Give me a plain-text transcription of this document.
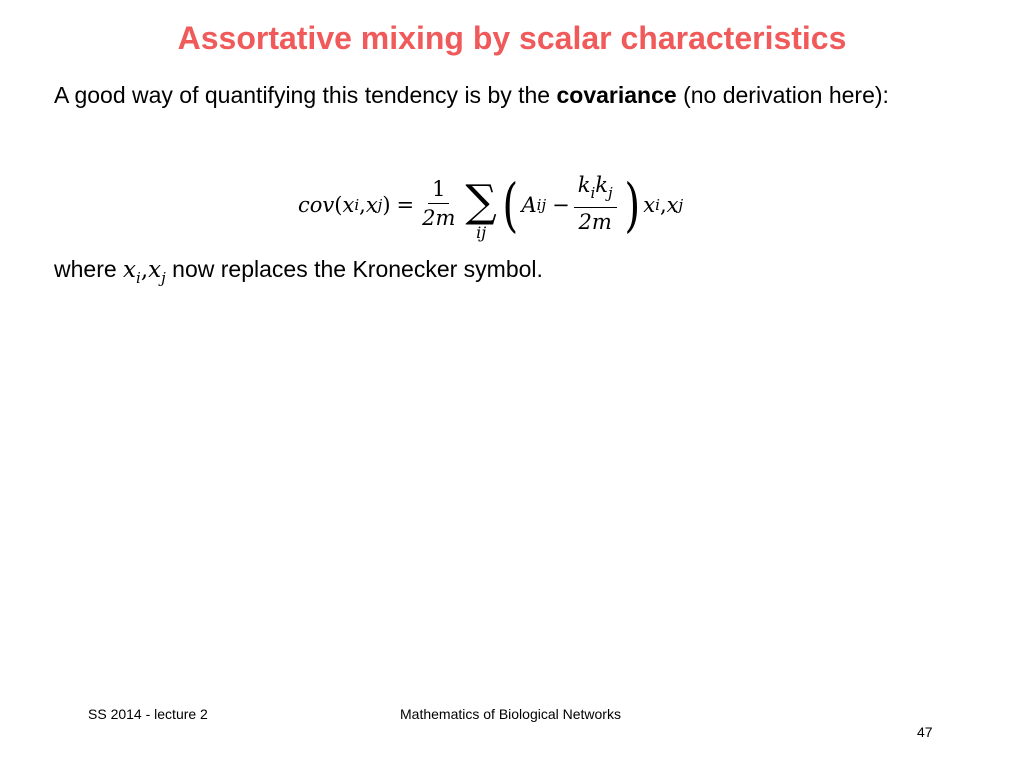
Assortative mixing by scalar characteristics

A good way of quantifying this tendency is by the covariance (no derivation here):

cov ( x i , x j ) = $\frac{1}{2m}$ ∑
ij ( A ij − $\frac{k_ik_j}{2m}$ ) x i , x j

where $x_i,x_j$ now replaces the Kronecker symbol.

SS 2014 - lecture 2	Mathematics of Biological Networks

47
